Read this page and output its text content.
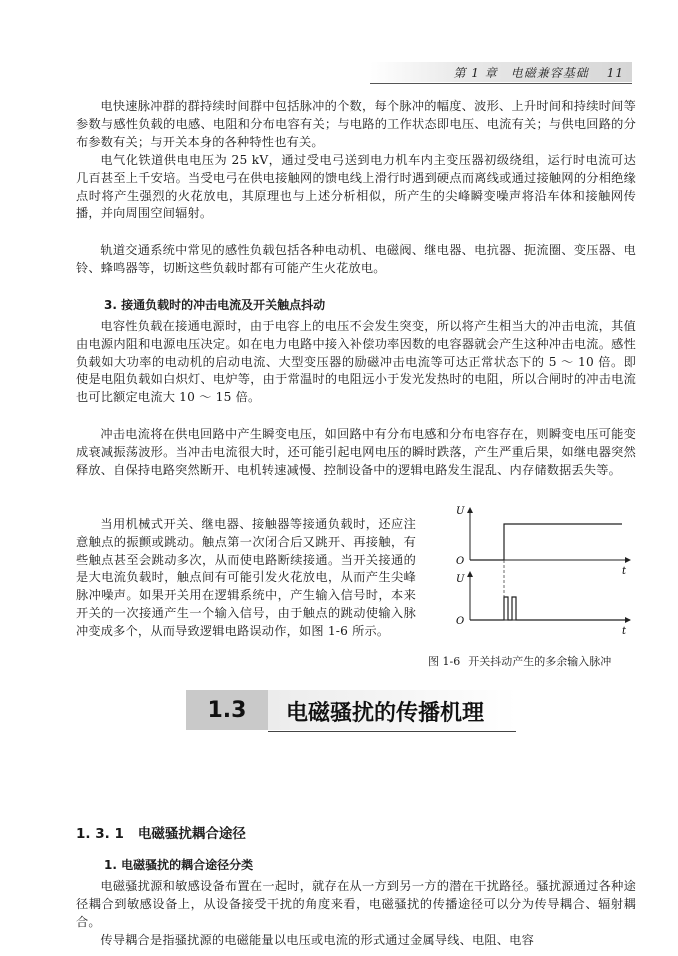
第 1 章　电磁兼容基础 11

电快速脉冲群的群持续时间群中包括脉冲的个数，每个脉冲的幅度、波形、上升时间和持续时间等参数与感性负载的电感、电阻和分布电容有关；与电路的工作状态即电压、电流有关；与供电回路的分布参数有关；与开关本身的各种特性也有关。

电气化铁道供电电压为 25 kV，通过受电弓送到电力机车内主变压器初级绕组，运行时电流可达几百甚至上千安培。当受电弓在供电接触网的馈电线上滑行时遇到硬点而离线或通过接触网的分相绝缘点时将产生强烈的火花放电，其原理也与上述分析相似，所产生的尖峰瞬变噪声将沿车体和接触网传播，并向周围空间辐射。

轨道交通系统中常见的感性负载包括各种电动机、电磁阀、继电器、电抗器、扼流圈、变压器、电铃、蜂鸣器等，切断这些负载时都有可能产生火花放电。

3. 接通负载时的冲击电流及开关触点抖动

电容性负载在接通电源时，由于电容上的电压不会发生突变，所以将产生相当大的冲击电流，其值由电源内阻和电源电压决定。如在电力电路中接入补偿功率因数的电容器就会产生这种冲击电流。感性负载如大功率的电动机的启动电流、大型变压器的励磁冲击电流等可达正常状态下的 5 ～ 10 倍。即使是电阻负载如白炽灯、电炉等，由于常温时的电阻远小于发光发热时的电阻，所以合闸时的冲击电流也可比额定电流大 10 ～ 15 倍。

冲击电流将在供电回路中产生瞬变电压，如回路中有分布电感和分布电容存在，则瞬变电压可能变成衰减振荡波形。当冲击电流很大时，还可能引起电网电压的瞬时跌落，产生严重后果，如继电器突然释放、自保持电路突然断开、电机转速减慢、控制设备中的逻辑电路发生混乱、内存储数据丢失等。

当用机械式开关、继电器、接触器等接通负载时，还应注意触点的振颤或跳动。触点第一次闭合后又跳开、再接触，有些触点甚至会跳动多次，从而使电路断续接通。当开关接通的是大电流负载时，触点间有可能引发火花放电，从而产生尖峰脉冲噪声。如果开关用在逻辑系统中，产生输入信号时，本来开关的一次接通产生一个输入信号，由于触点的跳动使输入脉冲变成多个，从而导致逻辑电路误动作，如图 1-6 所示。

U
O
t
U
O
t
图 1-6 开关抖动产生的多余输入脉冲
1.3	电磁骚扰的传播机理

1. 3. 1 电磁骚扰耦合途径

1. 电磁骚扰的耦合途径分类

电磁骚扰源和敏感设备布置在一起时，就存在从一方到另一方的潜在干扰路径。骚扰源通过各种途径耦合到敏感设备上，从设备接受干扰的角度来看，电磁骚扰的传播途径可以分为传导耦合、辐射耦合。

传导耦合是指骚扰源的电磁能量以电压或电流的形式通过金属导线、电阻、电容
